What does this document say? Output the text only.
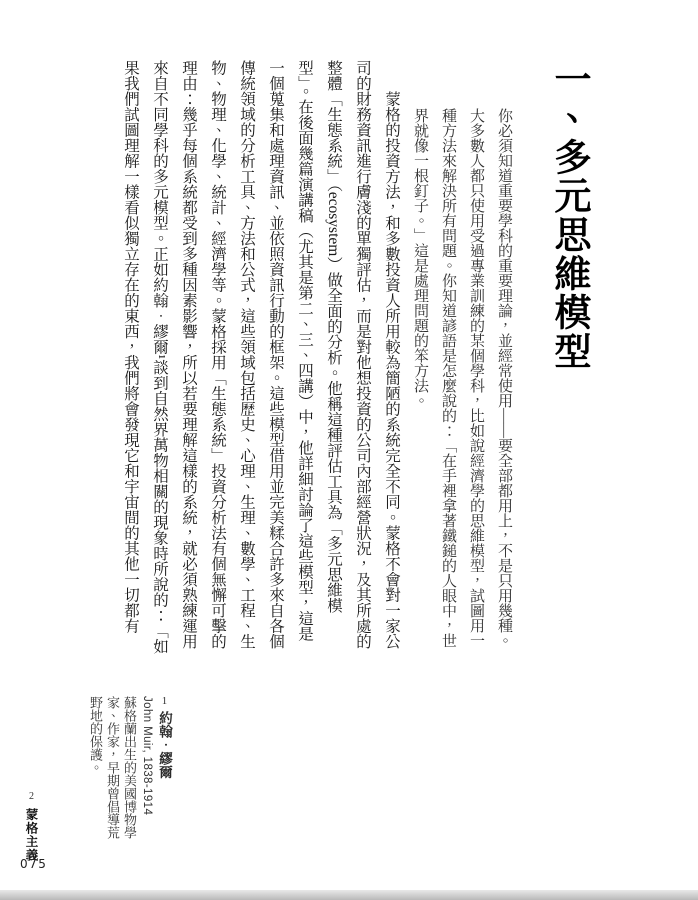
一、多元思維模型
你必須知道重要學科的重要理論，並經常使用——要全部都用上，不是只用幾種。
大多數人都只使用受過專業訓練的某個學科，比如說經濟學的思維模型，試圖用一
種方法來解決所有問題。你知道諺語是怎麼說的：「在手裡拿著鐵鎚的人眼中，世
界就像一根釘子。」這是處理問題的笨方法。
蒙格的投資方法，和多數投資人所用較為簡陋的系統完全不同。蒙格不會對一家公
司的財務資訊進行膚淺的單獨評估，而是對他想投資的公司內部經營狀況，及其所處的
整體「生態系統」（ecosystem）做全面的分析。他稱這種評估工具為「多元思維模
型」。在後面幾篇演講稿（尤其是第二、三、四講）中，他詳細討論了這些模型，這是
一個蒐集和處理資訊、並依照資訊行動的框架。這些模型借用並完美糅合許多來自各個
傳統領域的分析工具、方法和公式，這些領域包括歷史、心理、生理、數學、工程、生
物、物理、化學、統計、經濟學等。蒙格採用「生態系統」投資分析法有個無懈可擊的
理由：幾乎每個系統都受到多種因素影響，所以若要理解這樣的系統，就必須熟練運用
來自不同學科的多元模型。正如約翰．繆爾¹談到自然界萬物相關的現象時所說的：「如
果我們試圖理解一樣看似獨立存在的東西，我們將會發現它和宇宙間的其他一切都有
1約翰．繆爾
John Muir, 1838-1914
蘇格蘭出生的美國博物學
家、作家，早期曾倡導荒
野地的保護。
2蒙格主義
075
